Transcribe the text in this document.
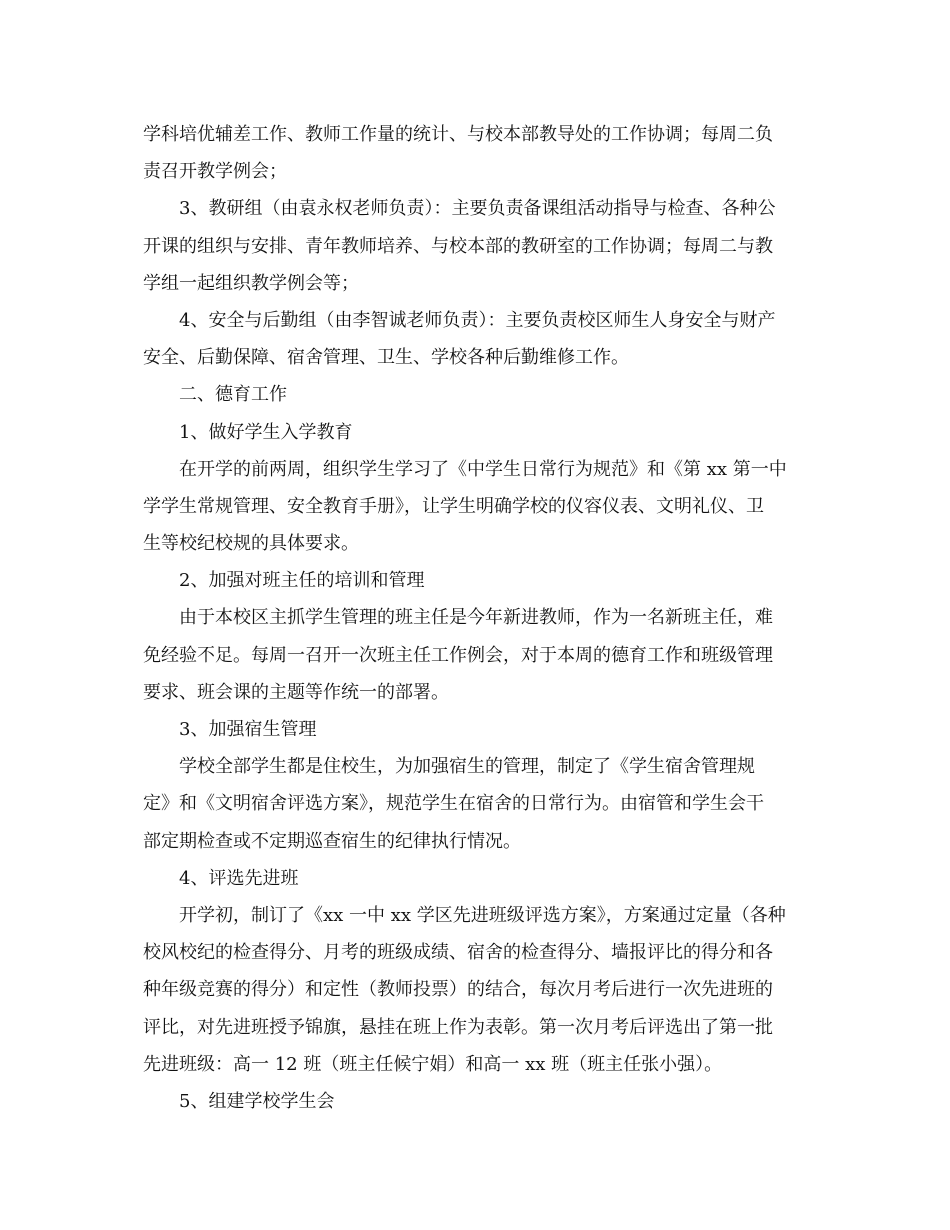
学科培优辅差工作、教师工作量的统计、与校本部教导处的工作协调；每周二负
责召开教学例会；
3、教研组（由袁永权老师负责）：主要负责备课组活动指导与检查、各种公
开课的组织与安排、青年教师培养、与校本部的教研室的工作协调；每周二与教
学组一起组织教学例会等；
4、安全与后勤组（由李智诚老师负责）：主要负责校区师生人身安全与财产
安全、后勤保障、宿舍管理、卫生、学校各种后勤维修工作。
二、德育工作
1、做好学生入学教育
在开学的前两周，组织学生学习了《中学生日常行为规范》和《第 xx 第一中
学学生常规管理、安全教育手册》，让学生明确学校的仪容仪表、文明礼仪、卫
生等校纪校规的具体要求。
2、加强对班主任的培训和管理
由于本校区主抓学生管理的班主任是今年新进教师，作为一名新班主任，难
免经验不足。每周一召开一次班主任工作例会，对于本周的德育工作和班级管理
要求、班会课的主题等作统一的部署。
3、加强宿生管理
学校全部学生都是住校生，为加强宿生的管理，制定了《学生宿舍管理规
定》和《文明宿舍评选方案》，规范学生在宿舍的日常行为。由宿管和学生会干
部定期检查或不定期巡查宿生的纪律执行情况。
4、评选先进班
开学初，制订了《xx 一中 xx 学区先进班级评选方案》，方案通过定量（各种
校风校纪的检查得分、月考的班级成绩、宿舍的检查得分、墙报评比的得分和各
种年级竞赛的得分）和定性（教师投票）的结合，每次月考后进行一次先进班的
评比，对先进班授予锦旗，悬挂在班上作为表彰。第一次月考后评选出了第一批
先进班级：高一 12 班（班主任候宁娟）和高一 xx 班（班主任张小强）。
5、组建学校学生会
